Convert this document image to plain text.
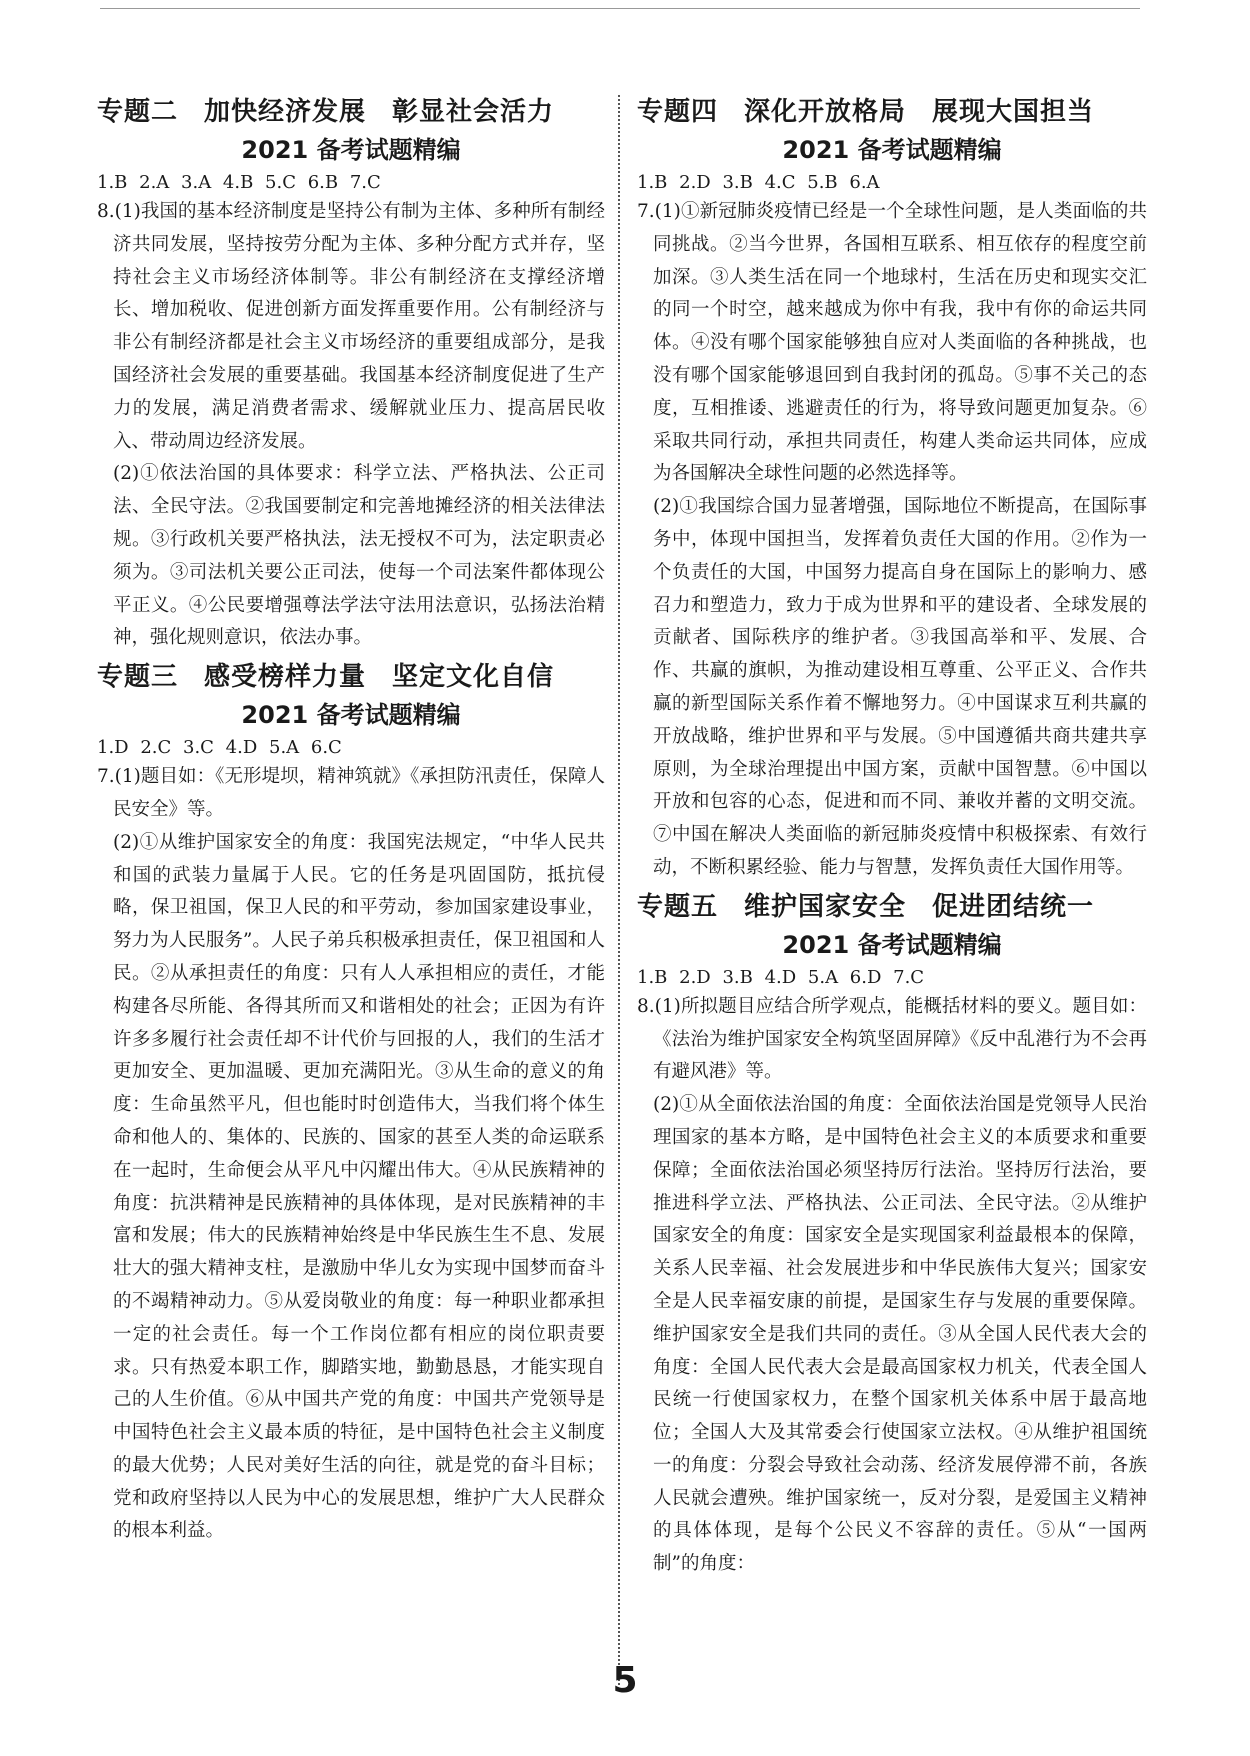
专题二 加快经济发展 彰显社会活力
2021 备考试题精编

1.B 2.A 3.A 4.B 5.C 6.B 7.C

8.(1)我国的基本经济制度是坚持公有制为主体、多种所有制经济共同发展，坚持按劳分配为主体、多种分配方式并存，坚持社会主义市场经济体制等。非公有制经济在支撑经济增长、增加税收、促进创新方面发挥重要作用。公有制经济与非公有制经济都是社会主义市场经济的重要组成部分，是我国经济社会发展的重要基础。我国基本经济制度促进了生产力的发展，满足消费者需求、缓解就业压力、提高居民收入、带动周边经济发展。

(2)①依法治国的具体要求：科学立法、严格执法、公正司法、全民守法。②我国要制定和完善地摊经济的相关法律法规。③行政机关要严格执法，法无授权不可为，法定职责必须为。③司法机关要公正司法，使每一个司法案件都体现公平正义。④公民要增强尊法学法守法用法意识，弘扬法治精神，强化规则意识，依法办事。

专题三 感受榜样力量 坚定文化自信
2021 备考试题精编

1.D 2.C 3.C 4.D 5.A 6.C

7.(1)题目如：《无形堤坝，精神筑就》《承担防汛责任，保障人民安全》等。

(2)①从维护国家安全的角度：我国宪法规定，“中华人民共和国的武装力量属于人民。它的任务是巩固国防，抵抗侵略，保卫祖国，保卫人民的和平劳动，参加国家建设事业，努力为人民服务”。人民子弟兵积极承担责任，保卫祖国和人民。②从承担责任的角度：只有人人承担相应的责任，才能构建各尽所能、各得其所而又和谐相处的社会；正因为有许许多多履行社会责任却不计代价与回报的人，我们的生活才更加安全、更加温暖、更加充满阳光。③从生命的意义的角度：生命虽然平凡，但也能时时创造伟大，当我们将个体生命和他人的、集体的、民族的、国家的甚至人类的命运联系在一起时，生命便会从平凡中闪耀出伟大。④从民族精神的角度：抗洪精神是民族精神的具体体现，是对民族精神的丰富和发展；伟大的民族精神始终是中华民族生生不息、发展壮大的强大精神支柱，是激励中华儿女为实现中国梦而奋斗的不竭精神动力。⑤从爱岗敬业的角度：每一种职业都承担一定的社会责任。每一个工作岗位都有相应的岗位职责要求。只有热爱本职工作，脚踏实地，勤勤恳恳，才能实现自己的人生价值。⑥从中国共产党的角度：中国共产党领导是中国特色社会主义最本质的特征，是中国特色社会主义制度的最大优势；人民对美好生活的向往，就是党的奋斗目标；党和政府坚持以人民为中心的发展思想，维护广大人民群众的根本利益。

专题四 深化开放格局 展现大国担当
2021 备考试题精编

1.B 2.D 3.B 4.C 5.B 6.A

7.(1)①新冠肺炎疫情已经是一个全球性问题，是人类面临的共同挑战。②当今世界，各国相互联系、相互依存的程度空前加深。③人类生活在同一个地球村，生活在历史和现实交汇的同一个时空，越来越成为你中有我，我中有你的命运共同体。④没有哪个国家能够独自应对人类面临的各种挑战，也没有哪个国家能够退回到自我封闭的孤岛。⑤事不关己的态度，互相推诿、逃避责任的行为，将导致问题更加复杂。⑥采取共同行动，承担共同责任，构建人类命运共同体，应成为各国解决全球性问题的必然选择等。

(2)①我国综合国力显著增强，国际地位不断提高，在国际事务中，体现中国担当，发挥着负责任大国的作用。②作为一个负责任的大国，中国努力提高自身在国际上的影响力、感召力和塑造力，致力于成为世界和平的建设者、全球发展的贡献者、国际秩序的维护者。③我国高举和平、发展、合作、共赢的旗帜，为推动建设相互尊重、公平正义、合作共赢的新型国际关系作着不懈地努力。④中国谋求互利共赢的开放战略，维护世界和平与发展。⑤中国遵循共商共建共享原则，为全球治理提出中国方案，贡献中国智慧。⑥中国以开放和包容的心态，促进和而不同、兼收并蓄的文明交流。⑦中国在解决人类面临的新冠肺炎疫情中积极探索、有效行动，不断积累经验、能力与智慧，发挥负责任大国作用等。

专题五 维护国家安全 促进团结统一
2021 备考试题精编

1.B 2.D 3.B 4.D 5.A 6.D 7.C

8.(1)所拟题目应结合所学观点，能概括材料的要义。题目如：《法治为维护国家安全构筑坚固屏障》《反中乱港行为不会再有避风港》等。

(2)①从全面依法治国的角度：全面依法治国是党领导人民治理国家的基本方略，是中国特色社会主义的本质要求和重要保障；全面依法治国必须坚持厉行法治。坚持厉行法治，要推进科学立法、严格执法、公正司法、全民守法。②从维护国家安全的角度：国家安全是实现国家利益最根本的保障，关系人民幸福、社会发展进步和中华民族伟大复兴；国家安全是人民幸福安康的前提，是国家生存与发展的重要保障。维护国家安全是我们共同的责任。③从全国人民代表大会的角度：全国人民代表大会是最高国家权力机关，代表全国人民统一行使国家权力，在整个国家机关体系中居于最高地位；全国人大及其常委会行使国家立法权。④从维护祖国统一的角度：分裂会导致社会动荡、经济发展停滞不前，各族人民就会遭殃。维护国家统一，反对分裂，是爱国主义精神的具体体现，是每个公民义不容辞的责任。⑤从“一国两制”的角度：

5
